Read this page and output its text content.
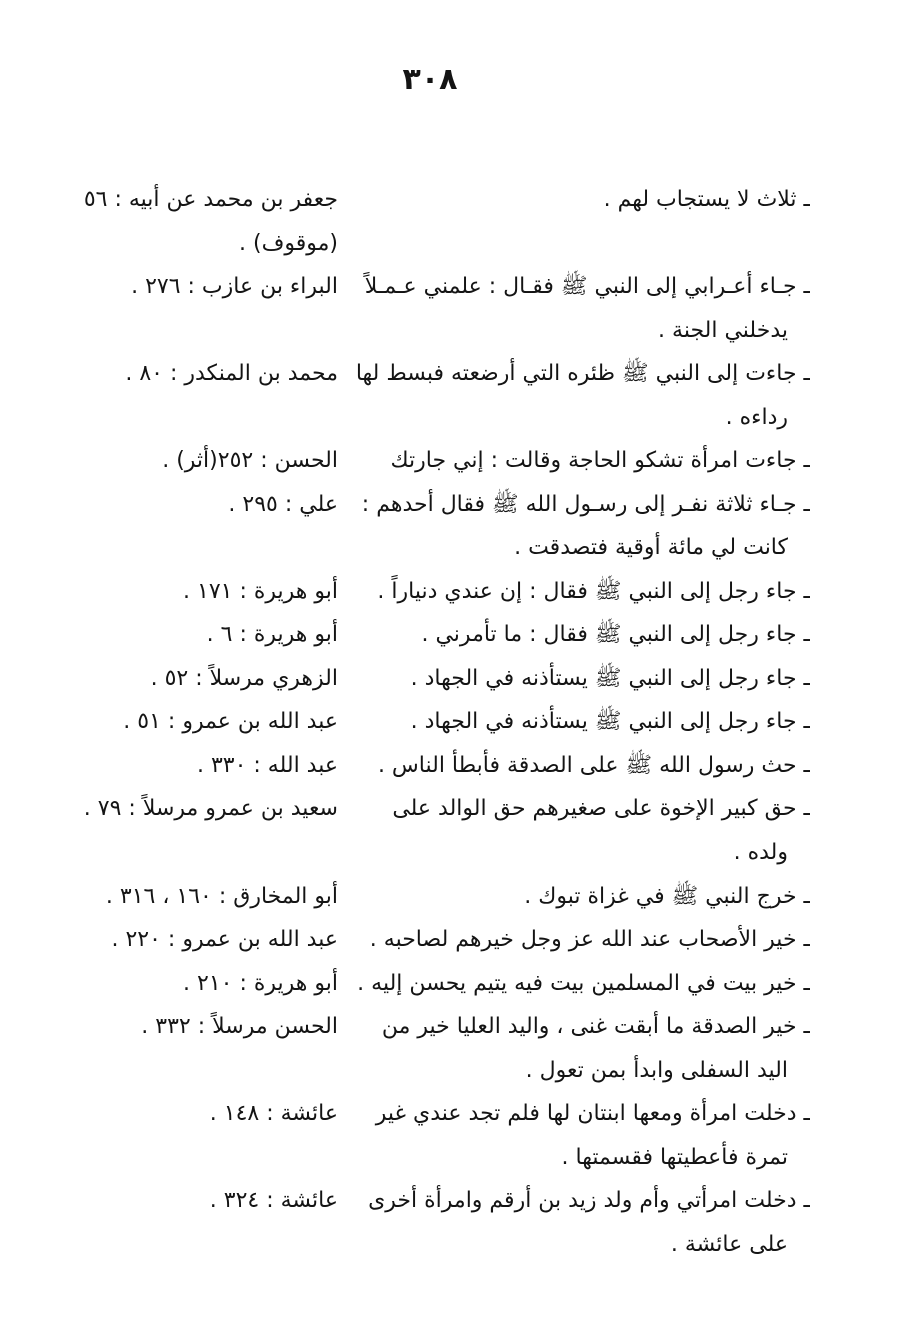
٣٠٨
ـ ثلاث لا يستجاب لهم .
جعفر بن محمد عن أبيه : ٥٦
(موقوف) .
ـ جـاء أعـرابي إلى النبي ﷺ فقـال : علمني عـمـلاً
يدخلني الجنة .
البراء بن عازب : ٢٧٦ .
ـ جاءت إلى النبي ﷺ ظئره التي أرضعته فبسط لها
رداءه .
محمد بن المنكدر : ٨٠ .
ـ جاءت امرأة تشكو الحاجة وقالت : إني جارتك
الحسن : ٢٥٢(أثر) .
ـ جـاء ثلاثة نفـر إلى رسـول الله ﷺ فقال أحدهم :
كانت لي مائة أوقية فتصدقت .
علي : ٢٩٥ .
ـ جاء رجل إلى النبي ﷺ فقال : إن عندي دنياراً .
أبو هريرة : ١٧١ .
ـ جاء رجل إلى النبي ﷺ فقال : ما تأمرني .
أبو هريرة : ٦ .
ـ جاء رجل إلى النبي ﷺ يستأذنه في الجهاد .
الزهري مرسلاً : ٥٢ .
ـ جاء رجل إلى النبي ﷺ يستأذنه في الجهاد .
عبد الله بن عمرو : ٥١ .
ـ حث رسول الله ﷺ على الصدقة فأبطأ الناس .
عبد الله : ٣٣٠ .
ـ حق كبير الإخوة على صغيرهم حق الوالد على
ولده .
سعيد بن عمرو مرسلاً : ٧٩ .
ـ خرج النبي ﷺ في غزاة تبوك .
أبو المخارق : ١٦٠ ، ٣١٦ .
ـ خير الأصحاب عند الله عز وجل خيرهم لصاحبه .
عبد الله بن عمرو : ٢٢٠ .
ـ خير بيت في المسلمين بيت فيه يتيم يحسن إليه .
أبو هريرة : ٢١٠ .
ـ خير الصدقة ما أبقت غنى ، واليد العليا خير من
اليد السفلى وابدأ بمن تعول .
الحسن مرسلاً : ٣٣٢ .
ـ دخلت امرأة ومعها ابنتان لها فلم تجد عندي غير
تمرة فأعطيتها فقسمتها .
عائشة : ١٤٨ .
ـ دخلت امرأتي وأم ولد زيد بن أرقم وامرأة أخرى
على عائشة .
عائشة : ٣٢٤ .
